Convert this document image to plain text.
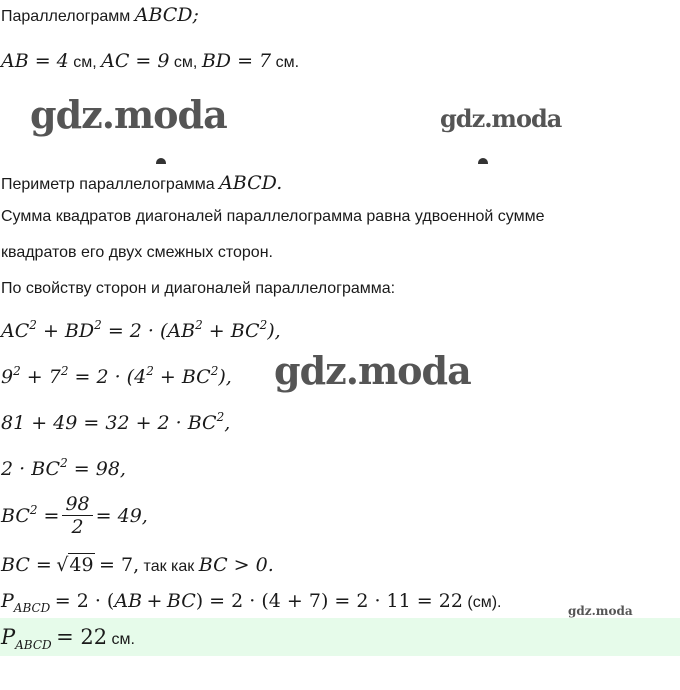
Параллелограмм ABCD;
AB = 4 см, AC = 9 см, BD = 7 см.
gdz.moda	gdz.moda
Периметр параллелограмма ABCD.
Сумма квадратов диагоналей параллелограмма равна удвоенной сумме
квадратов его двух смежных сторон.
По свойству сторон и диагоналей параллелограмма:
$AC^2 + BD^2 = 2 \cdot (AB^2 + BC^2)$,
$9^2 + 7^2 = 2 \cdot (4^2 + BC^2)$, gdz.moda
$81 + 49 = 32 + 2 \cdot BC^2$,
$2 \cdot BC^2 = 98$,
$BC^2 = \frac{98}{2} = 49$,
BC = √49 = 7, так как BC > 0.
$P_{ABCD} = 2 \cdot (AB + BC) = 2 \cdot (4 + 7) = 2 \cdot 11 = 22$ (см).	gdz.moda
$P_{ABCD} = 22$ см.
